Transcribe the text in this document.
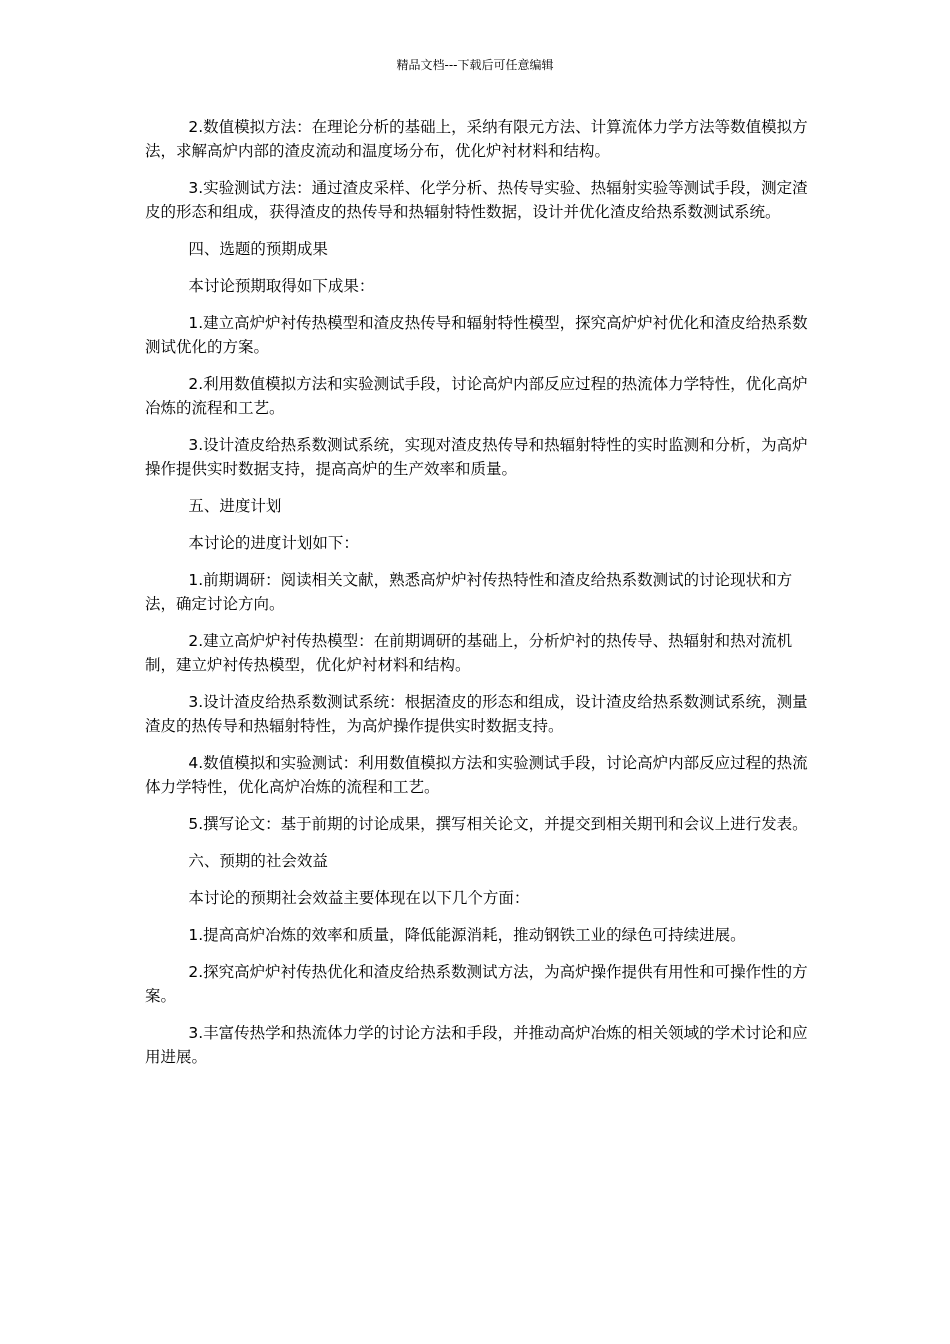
精品文档---下载后可任意编辑

2.数值模拟方法：在理论分析的基础上，采纳有限元方法、计算流体力学方法等数值模拟方法，求解高炉内部的渣皮流动和温度场分布，优化炉衬材料和结构。

3.实验测试方法：通过渣皮采样、化学分析、热传导实验、热辐射实验等测试手段，测定渣皮的形态和组成，获得渣皮的热传导和热辐射特性数据，设计并优化渣皮给热系数测试系统。

四、选题的预期成果

本讨论预期取得如下成果：

1.建立高炉炉衬传热模型和渣皮热传导和辐射特性模型，探究高炉炉衬优化和渣皮给热系数测试优化的方案。

2.利用数值模拟方法和实验测试手段，讨论高炉内部反应过程的热流体力学特性，优化高炉冶炼的流程和工艺。

3.设计渣皮给热系数测试系统，实现对渣皮热传导和热辐射特性的实时监测和分析，为高炉操作提供实时数据支持，提高高炉的生产效率和质量。

五、进度计划

本讨论的进度计划如下：

1.前期调研：阅读相关文献，熟悉高炉炉衬传热特性和渣皮给热系数测试的讨论现状和方法，确定讨论方向。

2.建立高炉炉衬传热模型：在前期调研的基础上，分析炉衬的热传导、热辐射和热对流机制，建立炉衬传热模型，优化炉衬材料和结构。

3.设计渣皮给热系数测试系统：根据渣皮的形态和组成，设计渣皮给热系数测试系统，测量渣皮的热传导和热辐射特性，为高炉操作提供实时数据支持。

4.数值模拟和实验测试：利用数值模拟方法和实验测试手段，讨论高炉内部反应过程的热流体力学特性，优化高炉冶炼的流程和工艺。

5.撰写论文：基于前期的讨论成果，撰写相关论文，并提交到相关期刊和会议上进行发表。

六、预期的社会效益

本讨论的预期社会效益主要体现在以下几个方面：

1.提高高炉冶炼的效率和质量，降低能源消耗，推动钢铁工业的绿色可持续进展。

2.探究高炉炉衬传热优化和渣皮给热系数测试方法，为高炉操作提供有用性和可操作性的方案。

3.丰富传热学和热流体力学的讨论方法和手段，并推动高炉冶炼的相关领域的学术讨论和应用进展。
